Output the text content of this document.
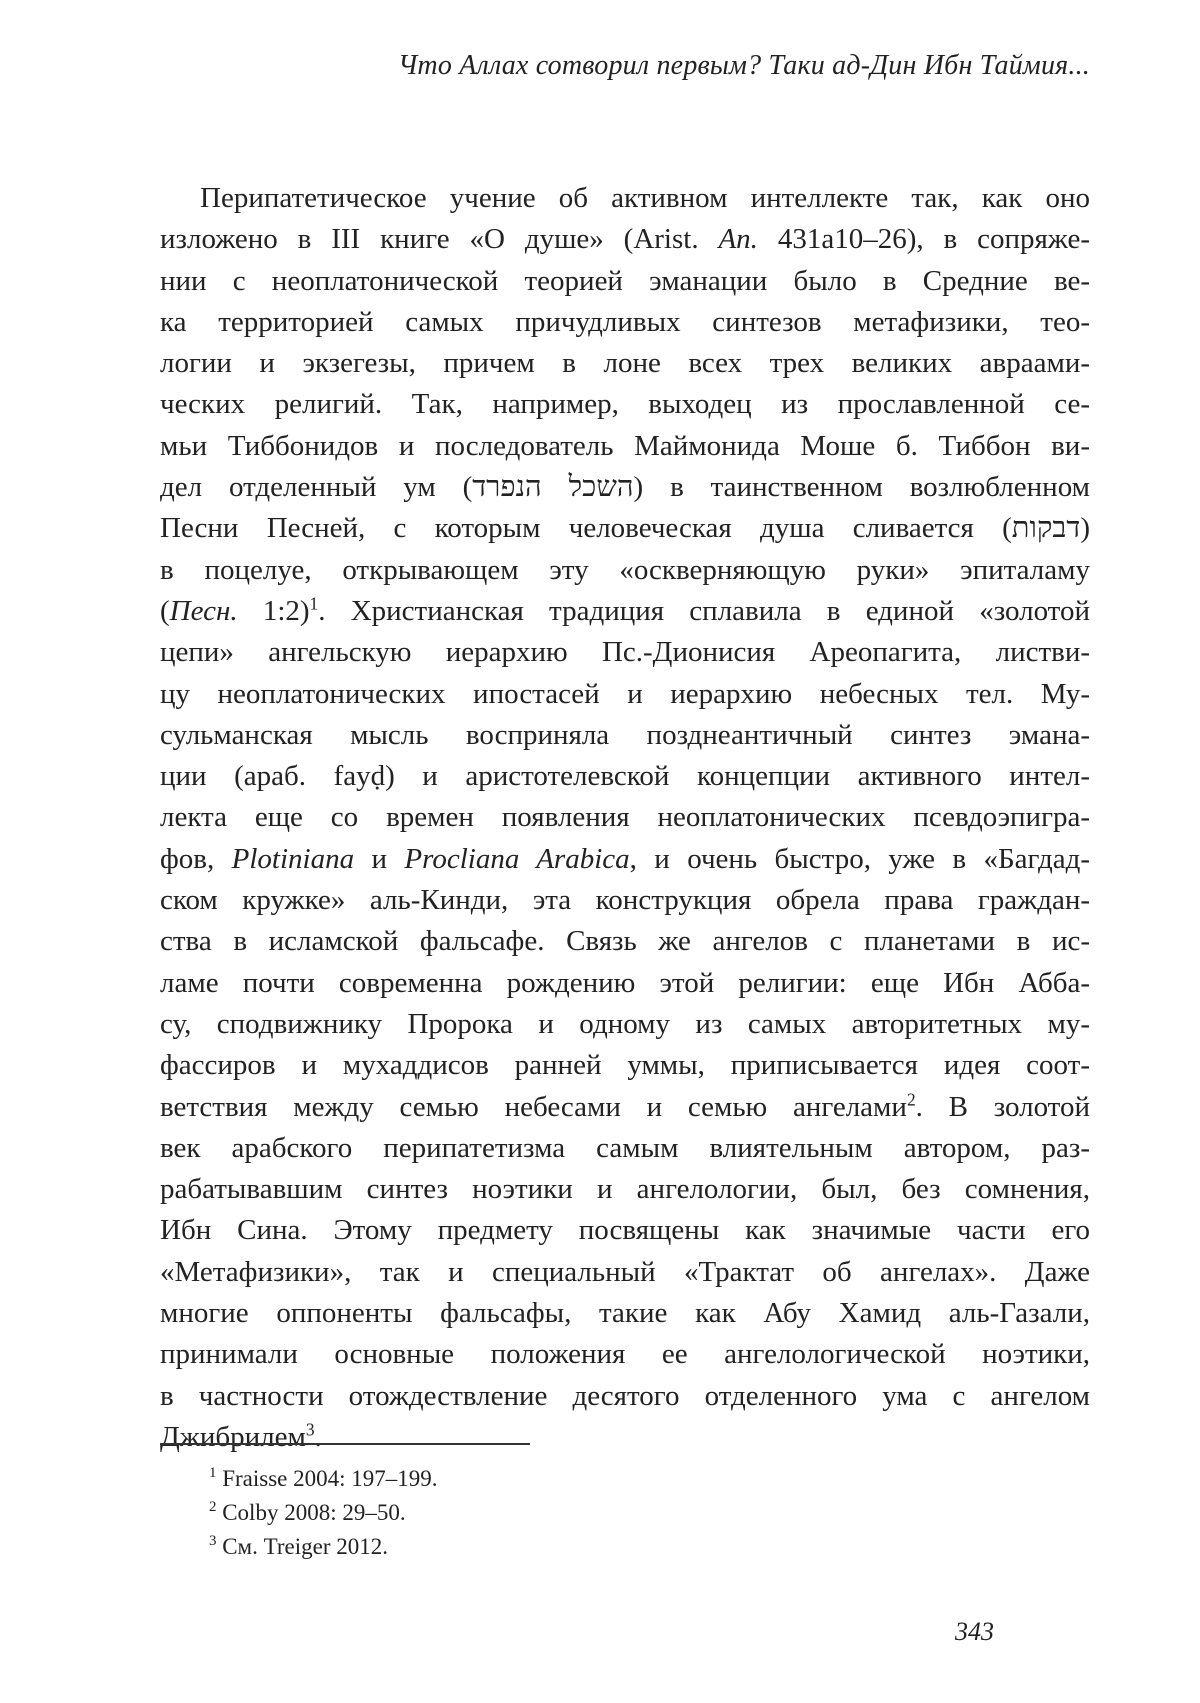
Что Аллах сотворил первым? Таки ад-Дин Ибн Таймия...
Перипатетическое учение об активном интеллекте так, как оно
изложено в III книге «О душе» (Arist. An. 431a10–26), в сопряже-
нии с неоплатонической теорией эманации было в Средние ве-
ка территорией самых причудливых синтезов метафизики, тео-
логии и экзегезы, причем в лоне всех трех великих авраами-
ческих религий. Так, например, выходец из прославленной се-
мьи Тиббонидов и последователь Маймонида Моше б. Тиббон ви-
дел отделенный ум (השכל הנפרד) в таинственном возлюбленном
Песни Песней, с которым человеческая душа сливается (דבקות)
в поцелуе, открывающем эту «оскверняющую руки» эпиталаму
(Песн. 1:2)$^1$. Христианская традиция сплавила в единой «золотой
цепи» ангельскую иерархию Пс.-Дионисия Ареопагита, листви-
цу неоплатонических ипостасей и иерархию небесных тел. Му-
сульманская мысль восприняла позднеантичный синтез эмана-
ции (араб. fayḍ) и аристотелевской концепции активного интел-
лекта еще со времен появления неоплатонических псевдоэпигра-
фов, Plotiniana и Procliana Arabica, и очень быстро, уже в «Багдад-
ском кружке» аль-Кинди, эта конструкция обрела права граждан-
ства в исламской фальсафе. Связь же ангелов с планетами в ис-
ламе почти современна рождению этой религии: еще Ибн Абба-
су, сподвижнику Пророка и одному из самых авторитетных му-
фассиров и мухаддисов ранней уммы, приписывается идея соот-
ветствия между семью небесами и семью ангелами$^2$. В золотой
век арабского перипатетизма самым влиятельным автором, раз-
рабатывавшим синтез ноэтики и ангелологии, был, без сомнения,
Ибн Сина. Этому предмету посвящены как значимые части его
«Метафизики», так и специальный «Трактат об ангелах». Даже
многие оппоненты фальсафы, такие как Абу Хамид аль-Газали,
принимали основные положения ее ангелологической ноэтики,
в частности отождествление десятого отделенного ума с ангелом
Джибрилем$^3$.
$^1$ Fraisse 2004: 197–199.
$^2$ Colby 2008: 29–50.
$^3$ См. Treiger 2012.
343
